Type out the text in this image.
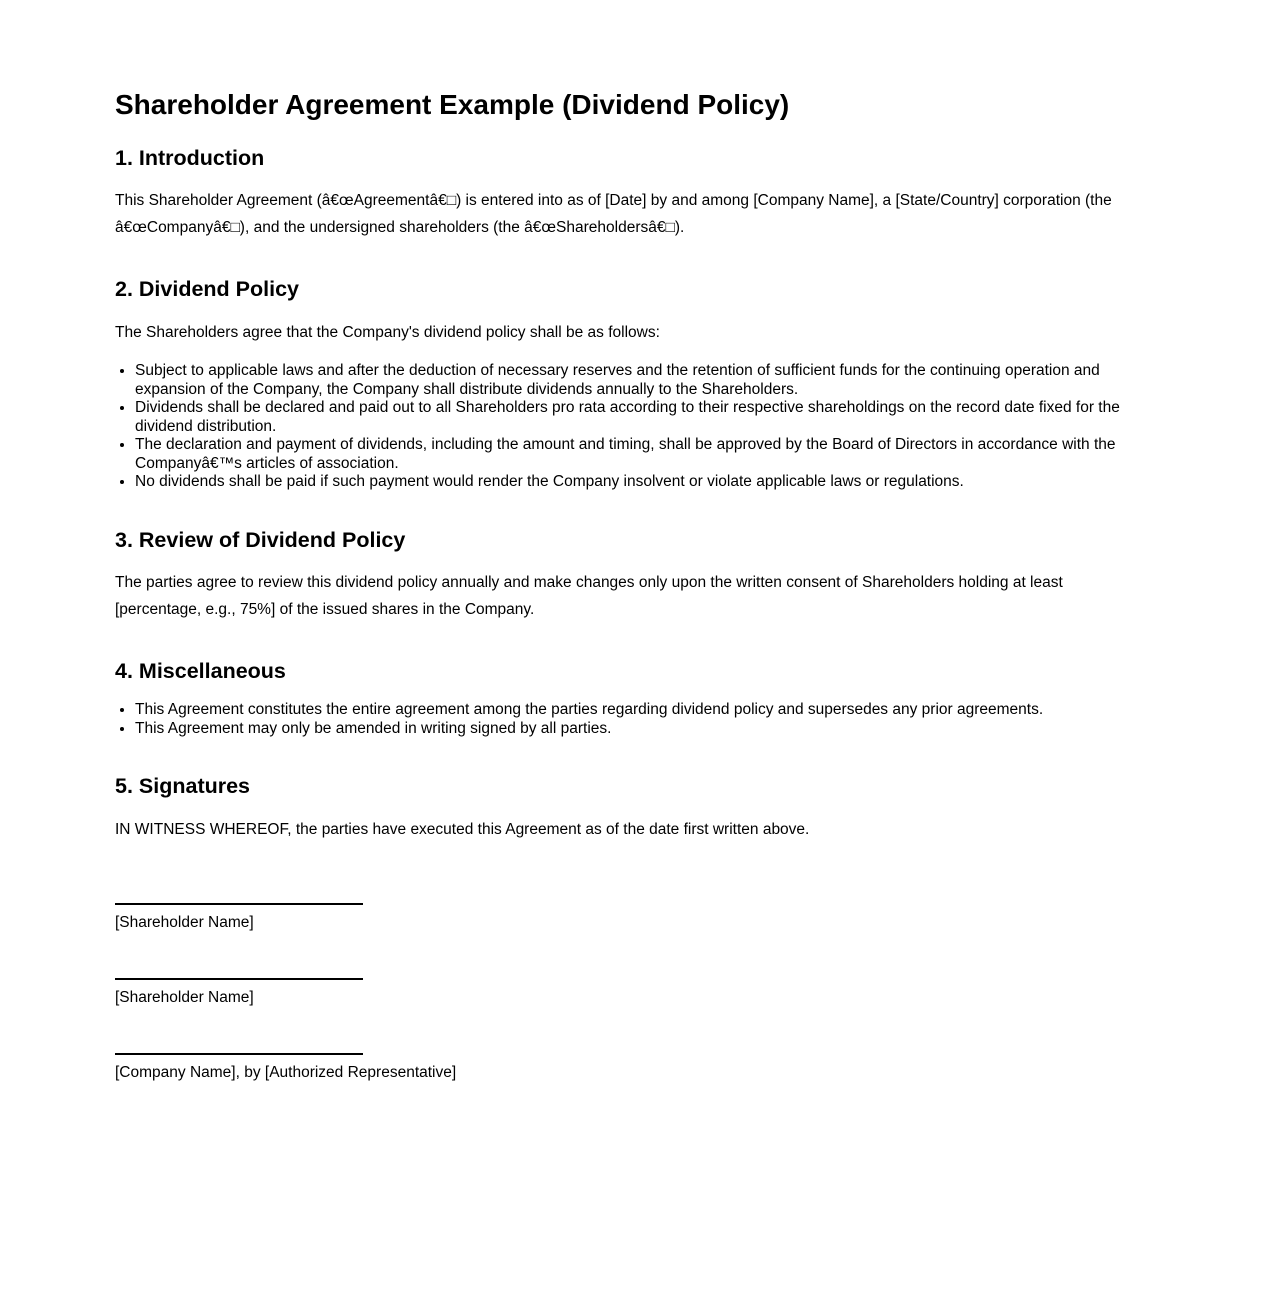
Shareholder Agreement Example (Dividend Policy)
1. Introduction

This Shareholder Agreement (â€œAgreementâ€□) is entered into as of [Date] by and among [Company Name], a [State/Country] corporation (the â€œCompanyâ€□), and the undersigned shareholders (the â€œShareholdersâ€□).

2. Dividend Policy

The Shareholders agree that the Company's dividend policy shall be as follows:

• Subject to applicable laws and after the deduction of necessary reserves and the retention of sufficient funds for the continuing operation and expansion of the Company, the Company shall distribute dividends annually to the Shareholders.
• Dividends shall be declared and paid out to all Shareholders pro rata according to their respective shareholdings on the record date fixed for the dividend distribution.
• The declaration and payment of dividends, including the amount and timing, shall be approved by the Board of Directors in accordance with the Companyâ€™s articles of association.
• No dividends shall be paid if such payment would render the Company insolvent or violate applicable laws or regulations.
3. Review of Dividend Policy

The parties agree to review this dividend policy annually and make changes only upon the written consent of Shareholders holding at least [percentage, e.g., 75%] of the issued shares in the Company.

4. Miscellaneous
• This Agreement constitutes the entire agreement among the parties regarding dividend policy and supersedes any prior agreements.
• This Agreement may only be amended in writing signed by all parties.
5. Signatures

IN WITNESS WHEREOF, the parties have executed this Agreement as of the date first written above.

[Shareholder Name]

[Shareholder Name]

[Company Name], by [Authorized Representative]
